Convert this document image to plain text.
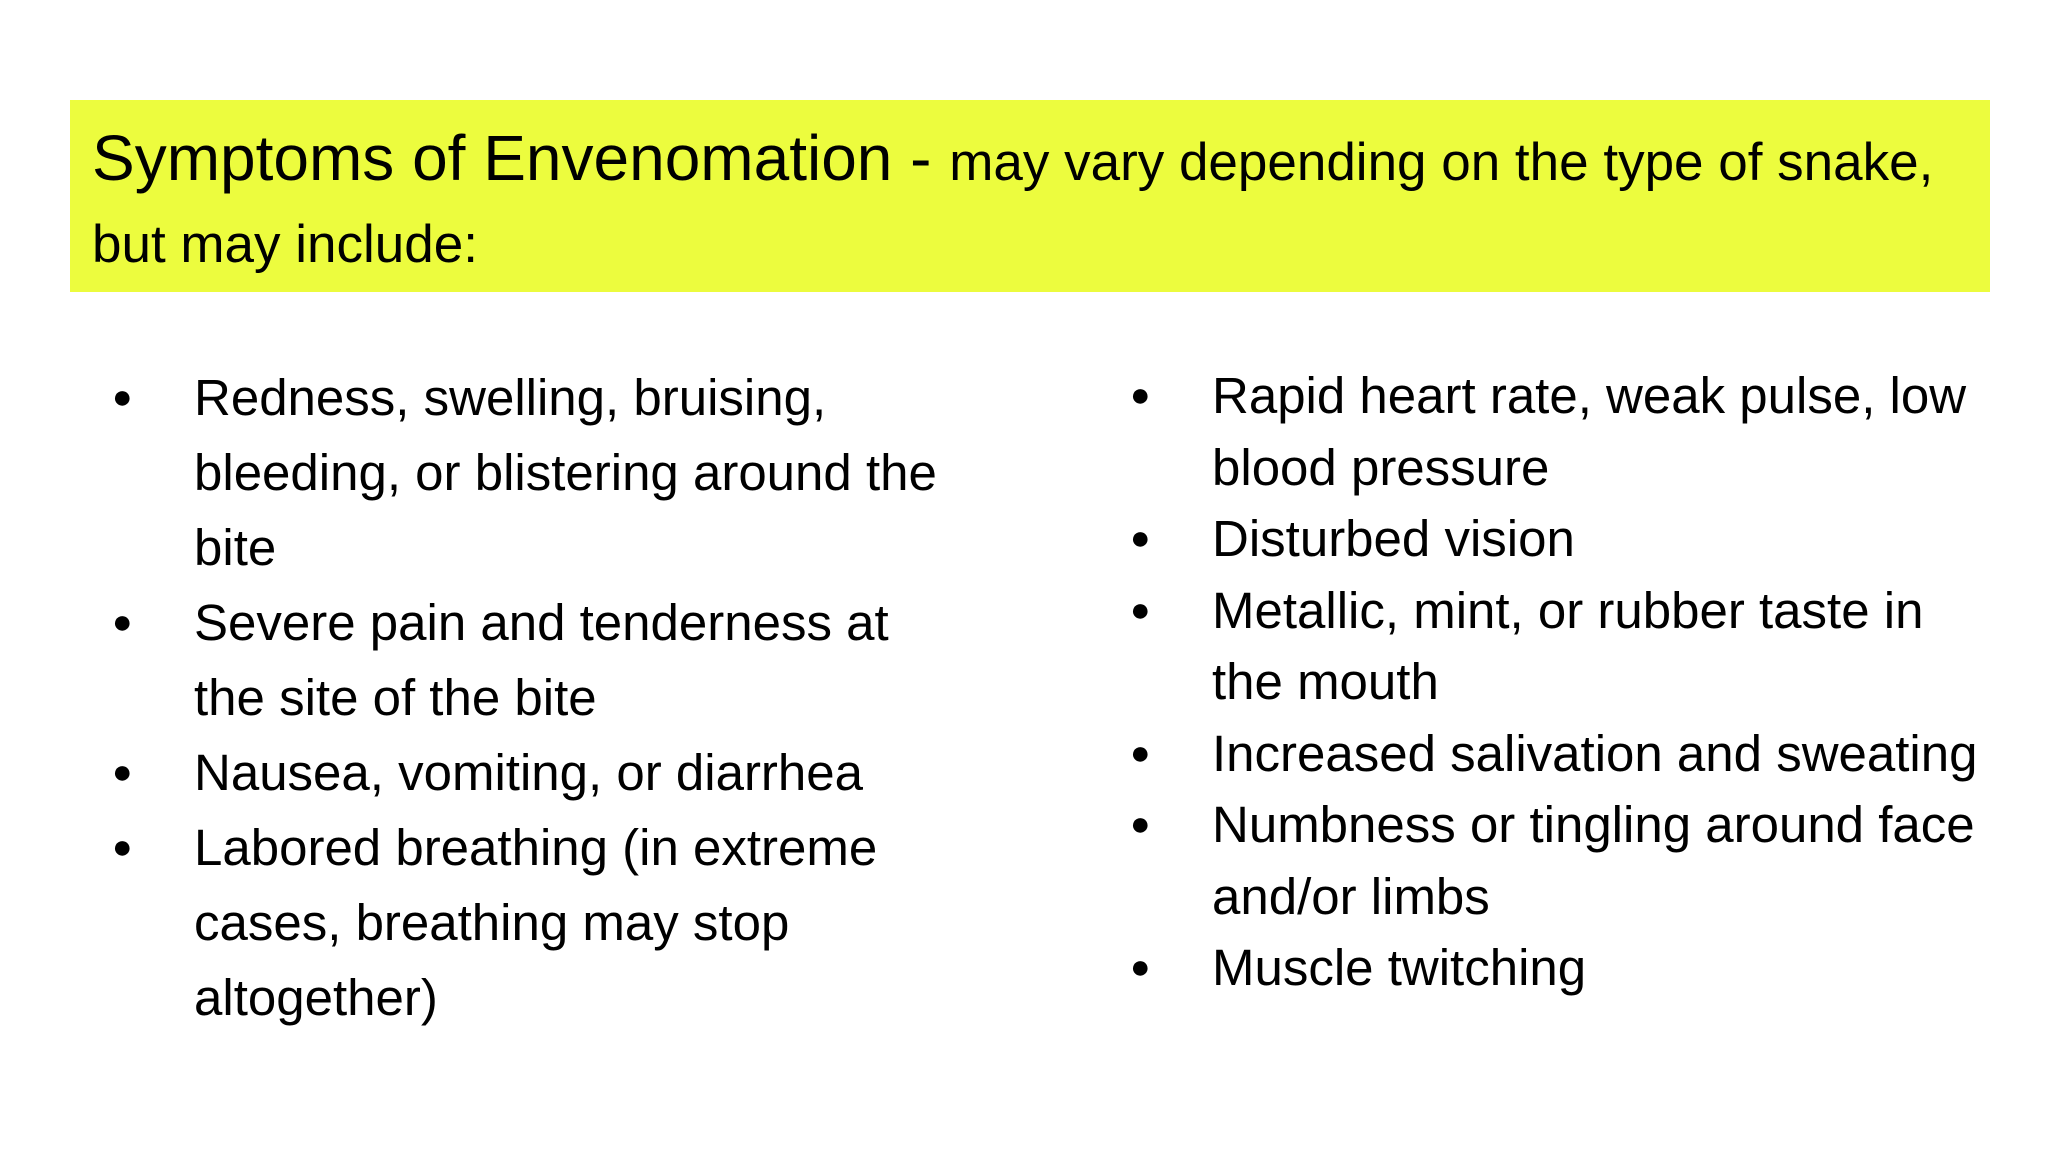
Symptoms of Envenomation - may vary depending on the type of snake, but may include:
● Redness, swelling, bruising, bleeding, or blistering around the bite
● Severe pain and tenderness at the site of the bite
● Nausea, vomiting, or diarrhea
● Labored breathing (in extreme cases, breathing may stop altogether)
● Rapid heart rate, weak pulse, low blood pressure
● Disturbed vision
● Metallic, mint, or rubber taste in the mouth
● Increased salivation and sweating
● Numbness or tingling around face and/or limbs
● Muscle twitching
